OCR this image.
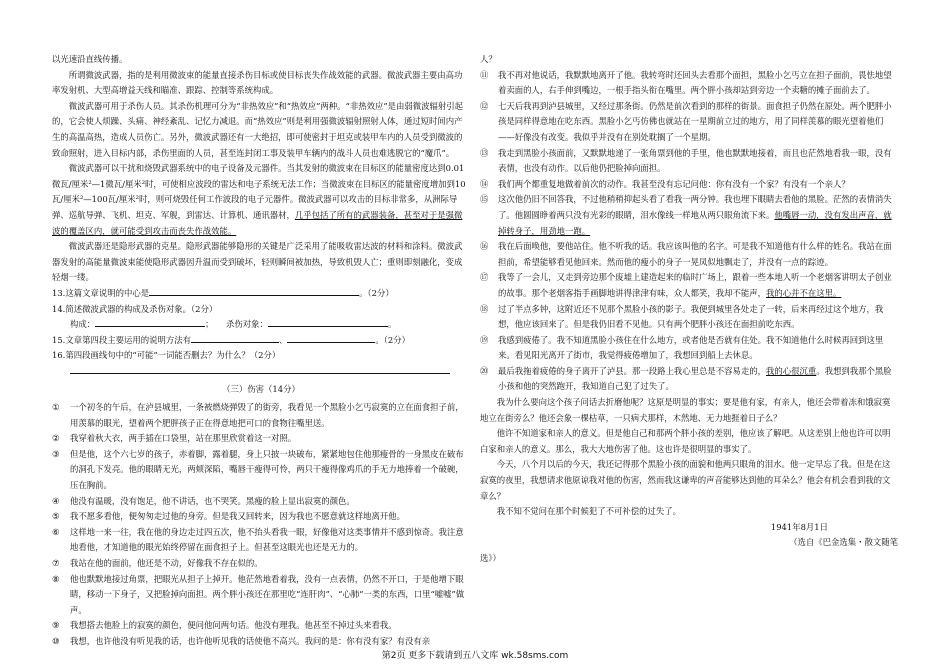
以光速沿直线传播。

所谓微波武器，指的是利用微波束的能量直接杀伤目标或使目标丧失作战效能的武器。微波武器主要由高功率发射机、大型高增益天线和瞄准、跟踪、控制等系统构成。

微波武器可用于杀伤人员。其杀伤机理可分为“非热效应”和“热效应”两种。“非热效应”是由弱微波辐射引起的，它会使人烦躁、头痛、神经紊乱、记忆力减退。而“热效应”则是利用强微波辐射照射人体，通过短时间内产生的高温高热，造成人员伤亡。另外，微波武器还有一大绝招，即可使密封于坦克或装甲车内的人员受到微波的致命照射，进入目标内部，杀伤里面的人员，甚至连封闭工事及装甲车辆内的战斗人员也难逃脱它的“魔爪”。

微波武器可以干扰和烧毁武器系统中的电子设备及元器件。当其发射的微波束在目标区的能量密度达到0.01微瓦/厘米²—1微瓦/厘米²时，可使相应波段的雷达和电子系统无法工作；当微波束在目标区的能量密度增加到10瓦/厘米²—100瓦/厘米²时，则可烧毁任何工作波段的电子元器件。微波武器可以攻击的目标非常多，从洲际导弹、巡航导弹、飞机、坦克、军舰，到雷达、计算机、通讯器材，几乎包括了所有的武器装备，甚至对于是强微波的覆盖区内，就可能受到攻击而丧失作战效能。

微波武器还是隐形武器的克星。隐形武器能够隐形的关键是广泛采用了能吸收雷达波的材料和涂料。微波武器发射的高能量微波束能使隐形武器因升温而受到破坏，轻则瞬间被加热，导致机毁人亡；重则即刻融化，变成轻烟一缕。

13.这篇文章说明的中心是	。（2分）

14.简述微波武器的构成及杀伤对象。（2分）

构成：	；　　杀伤对象：	。

15.文章第四段主要运用的说明方法有	、	。（2分）

16.第四段画线句中的“可能”一词能否删去？为什么？（2分）

（三）伤害（14分）

①	一个初冬的午后，在泸县城里，一条被燃烧弹毁了的街旁，我看见一个黑脸小乞丐寂寞的立在面食担子前，用羡慕的眼光，望着两个肥胖孩子正在得意地把可口的食物往嘴里送。

②	我穿着秋大衣，两手插在口袋里，站在那里欣赏着这一对照。

③	但是他，这个六七岁的孩子，赤着脚，露着腿，身上只披一块破布，紧紧地包住他那瘦骨的一身黑皮在破布的洞孔下发亮。他的眼睛无光，两颊深陷，嘴唇干瘦得可怜，两只干瘦得像鸡爪的手无力地捧着一个破碗，压在胸前。

④	他没有温暖，没有饱足，他不讲话，也不哭笑。黑瘦的脸上显出寂寞的颜色。

⑤	我不愿多看他，便匆匆走过他的身旁。但是我又回转来，因为我也不愿意就这样地离开他。

⑥	这样地一来一往，我在他的身边走过四五次，他不抬头看我一眼，好像他对这类事情并不感到惊奇。我注意地看他，才知道他的眼光始终停留在面食担子上。但甚至这眼光也还是无力的。

⑦	我站在他的面前，他还是不动，好像我不存在似的。

⑧	他也默默地接过角票，把眼光从担子上掉开。他茫然地看着我，没有一点表情，仍然不开口，于是他增下眼睛，移动一下身子，又把脸掉向面担。两个胖小孩还在那里吃“连肝肉”、“心肺”一类的东西，口里“嘘嘘”做声。

⑨	我想搭去他脸上的寂寞的颜色，便问他问两句话。他没有理我。他甚至不掉过头来看我。

⑩	我想，也许他没有听见我的话，也许他听见我的话使他不高兴。我问的是：你有没有家？有没有亲

人？

⑪	我不再对他说话，我默默地离开了他。我转弯时还回头去看那个面担，黑脸小乞丐立在担子面前，畏怯地望着卖面的人，右手伸到嘴边，一根手指头衔在嘴里。两个胖小孩却站到旁边一个卖糖的摊子面前去了。

⑫	七天后我再到泸县城里，又经过那条街。仍然是前次看到的那样的街景。面食担子仍然在原处。两个肥胖小孩是同样得意地在吃东西。黑脸小乞丐仿佛也就站在一星期前立过的地方，用了同样羡慕的眼光望着他们——好像没有改变。我似乎并没有在别处耽搁了一个星期。

⑬	我走到黑脸小孩面前，又默默地递了一张角票到他的手里，他也默默地接着，而且也茫然地看我一眼，没有表情，也没有动作。以后他仍把脸掉向面担。

⑭	我们两个都重复地做着前次的动作。我甚至没有忘记问他：你有没有一个家？有没有一个亲人？

⑮	这次他仍旧不回答我，不过他稍稍抑起头看了看我一两分钟。我也埋下眼睛去看他的黑脸。茫然的表情消失了。他圆圆睁着两只没有光彩的眼睛，泪水像线一样地从两只眼角流下来。他嘴唇一动，没有发出声音，就掉转身子，用劲地一跑。

⑯	我在后面唤他，要他站住。他不听我的话。我应该叫他的名字。可是我不知道他有什么样的姓名。我站在面担前，希望能够看见他回来。然而他的瘦小的身子一晃凤似地飘走了，并没有一点的踪迹。

⑰	我等了一会儿，又走到旁边那个废墟上建造起来的临时广场上，跟着一些本地人听一个老烟客讲明太子创业的故事。那个老烟客指手画脚地讲得津津有味，众人都笑，我却不能声，我的心并不在这里。

⑱	过了半点多钟，这附近还不见那个黑脸小孩的影子。我便到城里各处走了一转，后来再经过这个地方，我想，他应该回来了。但是我仍旧看不见他。只有两个肥胖小孩还在面担前吃东西。

⑲	我感到疲倦了。我不知道黑脸小孩住在什么地方，或者他是否就有住处。我不知道他什么时候再回到这里来。看见阳光离开了街市，我觉得疲倦增加了，我想回到船上去休息。

⑳	最后我拖着疲倦的身子离开了泸县。那一段路上我心里总是不容易走的，我的心很沉重。我想到我那个黑脸小孩和他的突然跑开，我知道自己犯了过失了。

我为什么要向这个孩子问话去折磨他呢？这原是明显的事实；要是他有家，有亲人，他还会带着冻和饿寂寞地立在街旁么？他还会象一棵枯草，一只病犬那样，木然地、无力地捱着日子么？

他许不知道家和亲人的意义。但是他自己和那两个胖小孩的差别，他应该了解吧。从这差别上他也许可以明白家和亲人的意义。那么，我大大地伤害了他。这也许是很明显的事实了。

今天，八个月以后的今天，我还记得那个黑脸小孩的面貌和他两只眼角的泪水。他一定早忘了我。但是在这寂寞的夜里，我想请求他原谅我对他的伤害，然而我这谦卑的声音能够达到他的耳朵么？他会有机会看到我的文章么？

我不知不觉问在那个时候犯了不可补偿的过失了。

1941年8月1日

（选自《巴金选集・散文随笔

选》）

第2页 更多下载请到五八文库 wk.58sms.com
